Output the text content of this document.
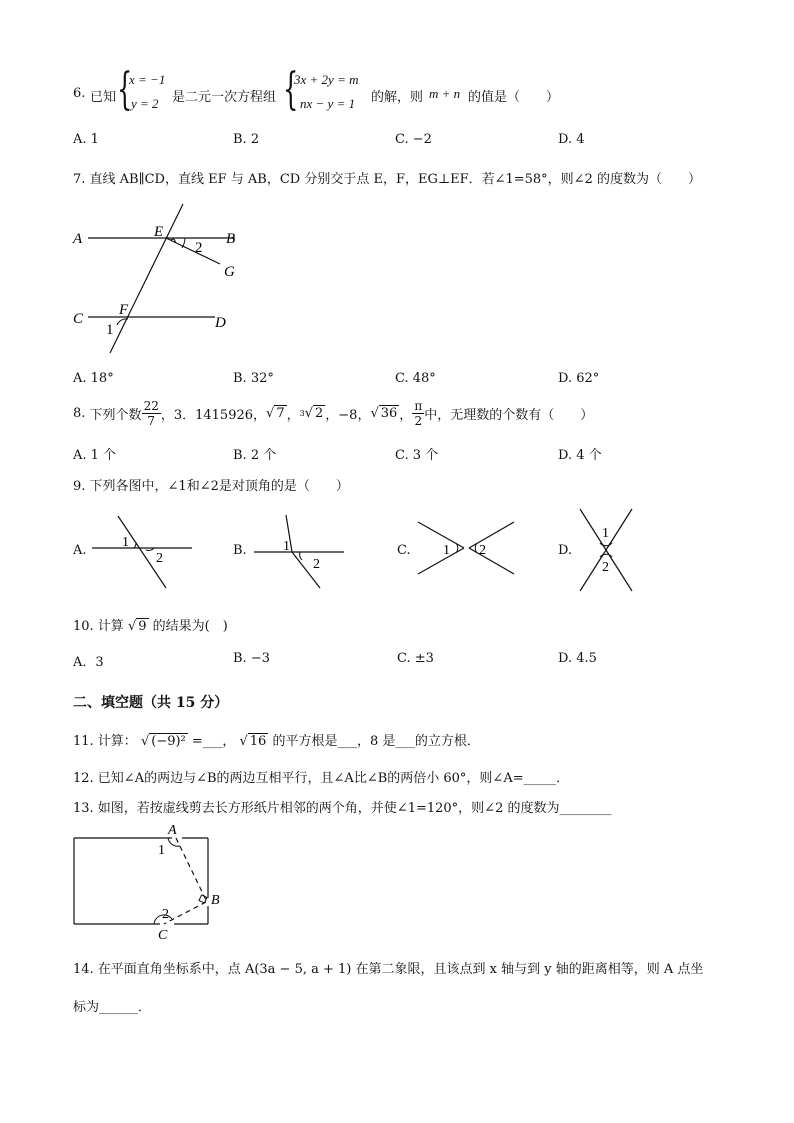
6. 已知 {
x = −1
y = 2 是二元一次方程组 {
3x + 2y = m
nx − y = 1 的解，则 m + n 的值是（　　）
A. 1	B. 2	C. −2	D. 4
7. 直线 AB∥CD，直线 EF 与 AB，CD 分别交于点 E，F，EG⊥EF．若∠1=58°，则∠2 的度数为（　　）
A	E	B
2
G
C
F
D
1
A. 18°	B. 32°	C. 48°	D. 62°
8.
下列个数 $\frac{22}{7}$ ，3．1415926， √ 7 ， 3 √ 2 ，−8， √ 36 ， $\frac{\pi}{2}$ 中，无理数的个数有（　　）
A. 1 个	B. 2 个	C. 3 个	D. 4 个
9. 下列各图中，∠1和∠2是对顶角的是（　　）
A.
1
2
B.	1
2
C. 1 2	D.
1
2
10. 计算 √ 9 的结果为(　)
A．3	B. −3	C. ±3	D. 4.5
二、填空题（共 15 分）
11. 计算： √ (−9)² =___， √ 16 的平方根是___，8 是___的立方根．
12. 已知∠A的两边与∠B的两边互相平行，且∠A比∠B的两倍小 60°，则∠A=_____．
13. 如图，若按虚线剪去长方形纸片相邻的两个角，并使∠1=120°，则∠2 的度数为________
A
1
B
2
C
14. 在平面直角坐标系中，点 A(3a − 5, a + 1) 在第二象限，且该点到 x 轴与到 y 轴的距离相等，则 A 点坐
标为______．
